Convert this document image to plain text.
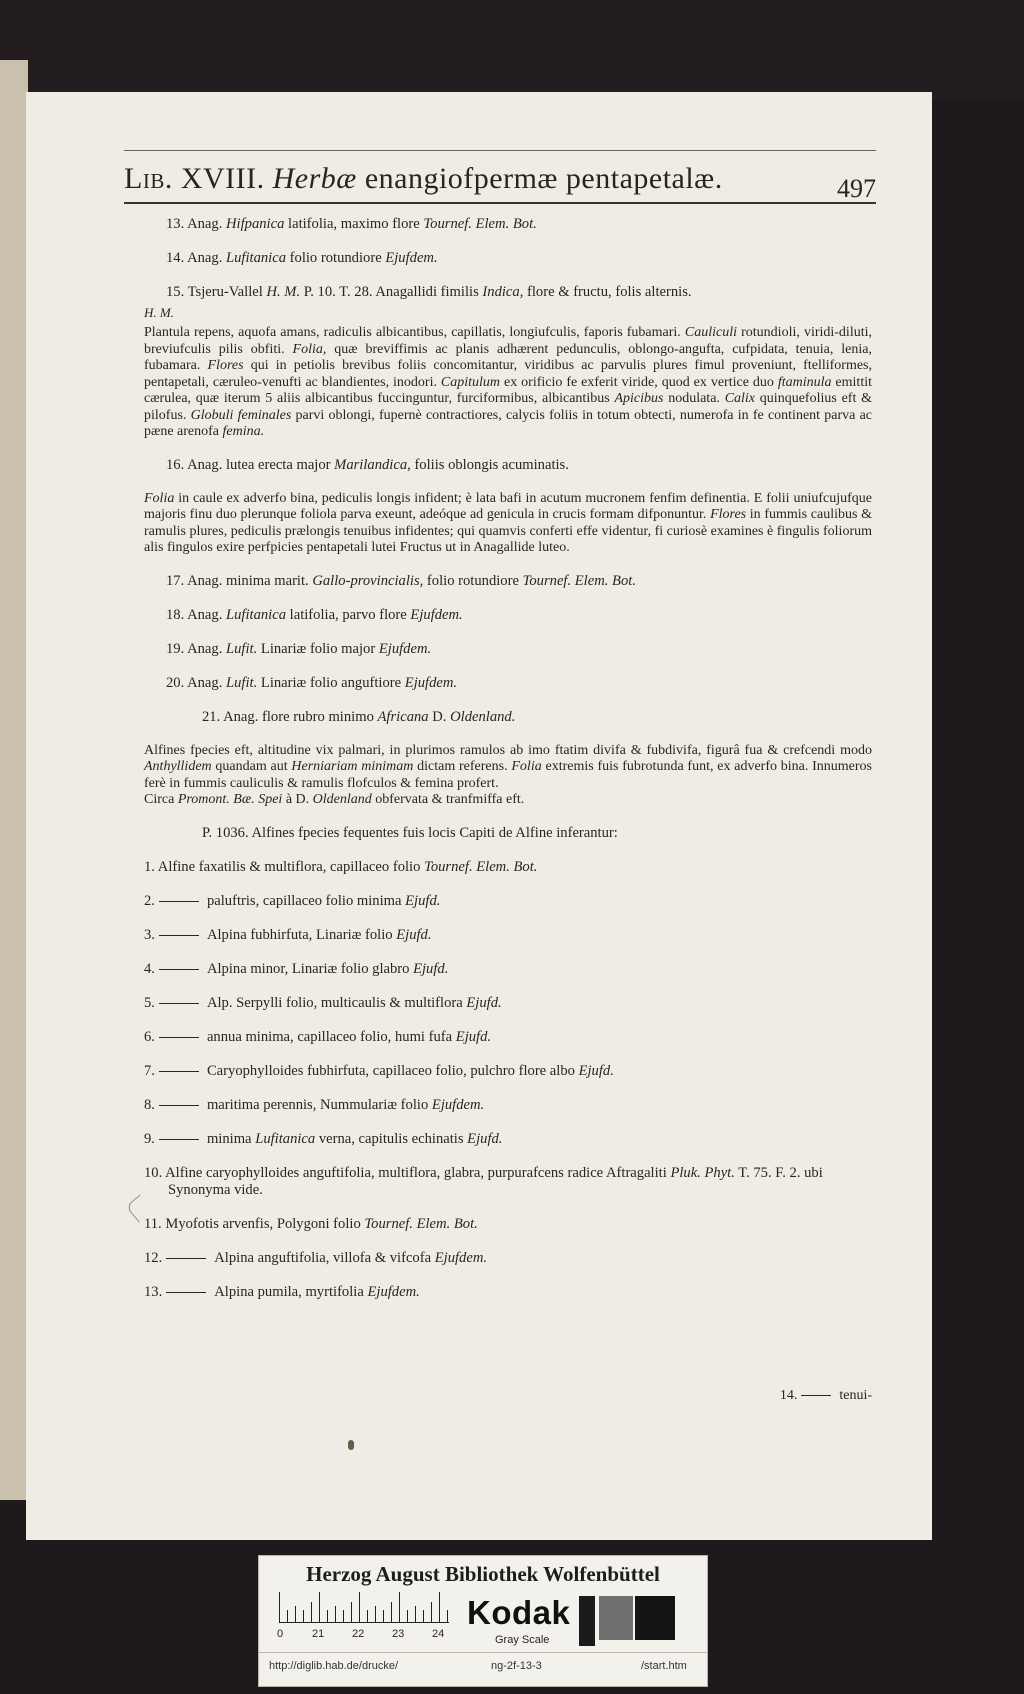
Lib. XVIII. Herbæ enangiofpermæ pentapetalæ.	497
13. Anag. Hifpanica latifolia, maximo flore Tournef. Elem. Bot.
14. Anag. Lufitanica folio rotundiore Ejufdem.
15. Tsjeru-Vallel H. M. P. 10. T. 28. Anagallidi fimilis Indica, flore & fructu, folis alternis.
H. M.
Plantula repens, aquofa amans, radiculis albicantibus, capillatis, longiufculis, faporis fubamari. Cauliculi rotundioli, viridi-diluti, breviufculis pilis obfiti. Folia, quæ breviffimis ac planis adhærent pedunculis, oblongo-angufta, cufpidata, tenuia, lenia, fubamara. Flores qui in petiolis brevibus foliis concomitantur, viridibus ac parvulis plures fimul proveniunt, ftelliformes, pentapetali, cæruleo-venufti ac blandientes, inodori. Capitulum ex orificio fe exferit viride, quod ex vertice duo ftaminula emittit cærulea, quæ iterum 5 aliis albicantibus fuccinguntur, furciformibus, albicantibus Apicibus nodulata. Calix quinquefolius eft & pilofus. Globuli feminales parvi oblongi, fupernè contractiores, calycis foliis in totum obtecti, numerofa in fe continent parva ac pæne arenofa femina.
16. Anag. lutea erecta major Marilandica, foliis oblongis acuminatis.
Folia in caule ex adverfo bina, pediculis longis infident; è lata bafi in acutum mucronem fenfim definentia. E folii uniufcujufque majoris finu duo plerunque foliola parva exeunt, adeóque ad genicula in crucis formam difponuntur. Flores in fummis caulibus & ramulis plures, pediculis prælongis tenuibus infidentes; qui quamvis conferti effe videntur, fi curiosè examines è fingulis foliorum alis fingulos exire perfpicies pentapetali lutei Fructus ut in Anagallide luteo.
17. Anag. minima marit. Gallo-provincialis, folio rotundiore Tournef. Elem. Bot.
18. Anag. Lufitanica latifolia, parvo flore Ejufdem.
19. Anag. Lufit. Linariæ folio major Ejufdem.
20. Anag. Lufit. Linariæ folio anguftiore Ejufdem.
21. Anag. flore rubro minimo Africana D. Oldenland.
Alfines fpecies eft, altitudine vix palmari, in plurimos ramulos ab imo ftatim divifa & fubdivifa, figurâ fua & crefcendi modo Anthyllidem quandam aut Herniariam minimam dictam referens. Folia extremis fuis fubrotunda funt, ex adverfo bina. Innumeros ferè in fummis cauliculis & ramulis flofculos & femina profert.
Circa Promont. Bæ. Spei à D. Oldenland obfervata & tranfmiffa eft.
P. 1036. Alfines fpecies fequentes fuis locis Capiti de Alfine inferantur:
1. Alfine faxatilis & multiflora, capillaceo folio Tournef. Elem. Bot.
2.	paluftris, capillaceo folio minima Ejufd.
3.	Alpina fubhirfuta, Linariæ folio Ejufd.
4.	Alpina minor, Linariæ folio glabro Ejufd.
5.	Alp. Serpylli folio, multicaulis & multiflora Ejufd.
6.	annua minima, capillaceo folio, humi fufa Ejufd.
7.	Caryophylloides fubhirfuta, capillaceo folio, pulchro flore albo Ejufd.
8.	maritima perennis, Nummulariæ folio Ejufdem.
9.	minima Lufitanica verna, capitulis echinatis Ejufd.
10. Alfine caryophylloides anguftifolia, multiflora, glabra, purpurafcens radice Aftragaliti Pluk. Phyt. T. 75. F. 2. ubi Synonyma vide.
11. Myofotis arvenfis, Polygoni folio Tournef. Elem. Bot.
12.	Alpina anguftifolia, villofa & vifcofa Ejufdem.
13.	Alpina pumila, myrtifolia Ejufdem.
14.	tenui-
Herzog August Bibliothek Wolfenbüttel
0	21	22	23	24
Kodak
Gray Scale
http://diglib.hab.de/drucke/	ng-2f-13-3	/start.htm
